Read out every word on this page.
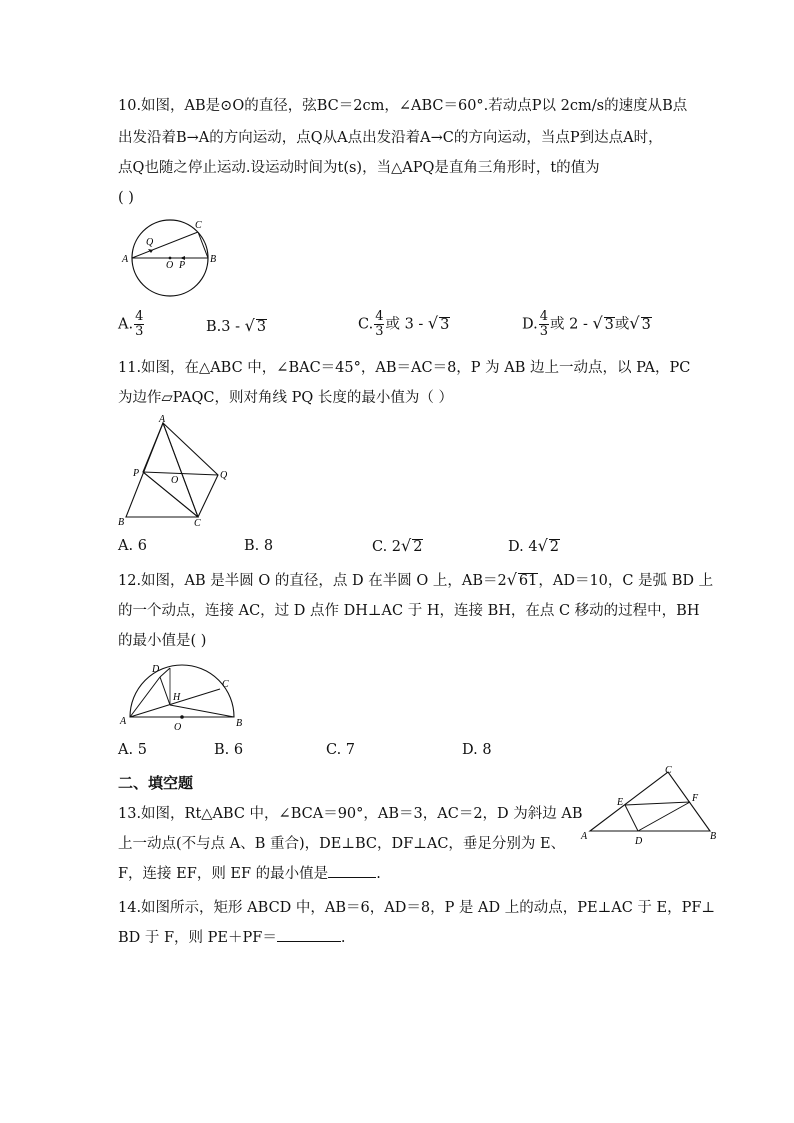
10.如图，AB是⊙O的直径，弦BC＝2cm，∠ABC＝60°.若动点P以 2cm/s的速度从B点
出发沿着B→A的方向运动，点Q从A点出发沿着A→C的方向运动，当点P到达点A时，
点Q也随之停止运动.设运动时间为t(s)，当△APQ是直角三角形时，t的值为
( )
A	B
C
O P
Q
A. $\frac{4}{3}$	B.3 - √ 3	C. $\frac{4}{3}$ 或 3 - √ 3	D. $\frac{4}{3}$ 或 2 - √ 3或√ 3
11.如图，在△ABC 中，∠BAC＝45°，AB＝AC＝8，P 为 AB 边上一动点，以 PA，PC
为边作▱PAQC，则对角线 PQ 长度的最小值为（ ）
A
B	C
P	Q
O
A. 6	B. 8	C. 2√ 2	D. 4√ 2
12.如图，AB 是半圆 O 的直径，点 D 在半圆 O 上，AB＝2√ 61，AD＝10，C 是弧 BD 上
的一个动点，连接 AC，过 D 点作 DH⊥AC 于 H，连接 BH，在点 C 移动的过程中，BH
的最小值是( )
A	B
C
D
H
O
A. 5	B. 6	C. 7	D. 8
二、填空题
13.如图，Rt△ABC 中，∠BCA＝90°，AB＝3，AC＝2，D 为斜边 AB
上一动点(不与点 A、B 重合)，DE⊥BC，DF⊥AC，垂足分别为 E、
F，连接 EF，则 EF 的最小值是	.
C
E	F
A	D	B
14.如图所示，矩形 ABCD 中，AB＝6，AD＝8，P 是 AD 上的动点，PE⊥AC 于 E，PF⊥
BD 于 F，则 PE＋PF＝	.
